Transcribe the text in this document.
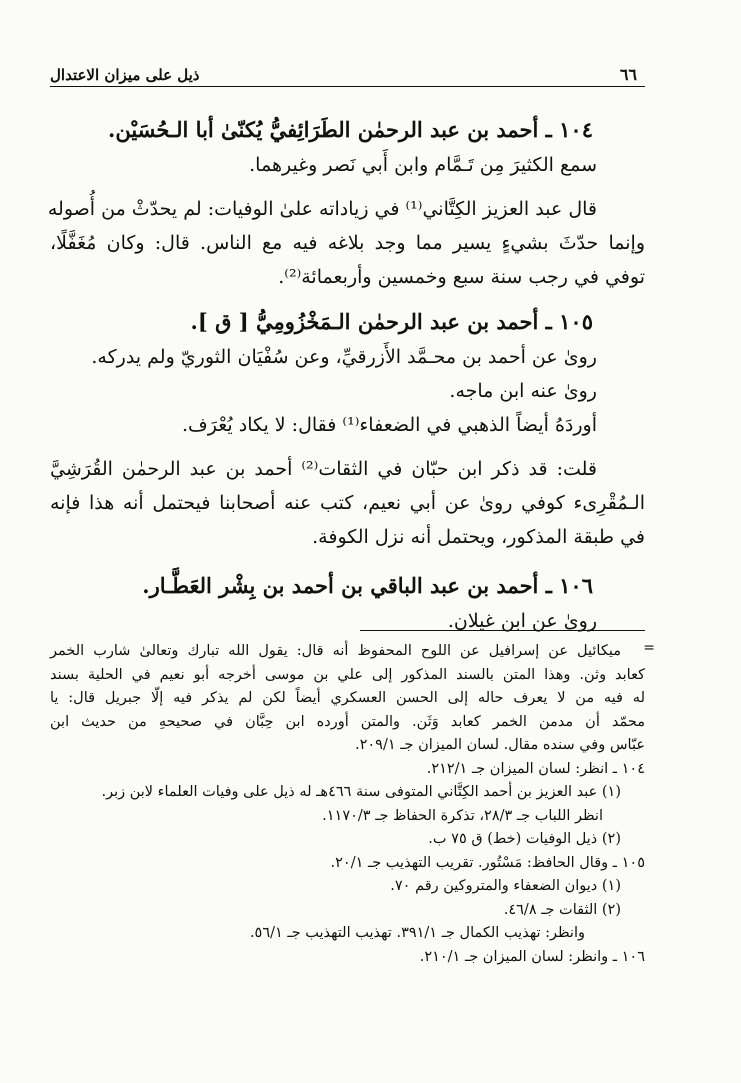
ذيل على ميزان الاعتدال	٦٦
١٠٤ ـ أحمد بن عبد الرحمٰن الطَرَائِفيُّ يُكنّىٰ أبا الـحُسَيْن.
سمع الكثيرَ مِن تَـمَّام وابن أَبي نَصر وغيرهما.
قال عبد العزيز الكِتَّاني⁽¹⁾ في زياداته علىٰ الوفيات: لم يحدّثْ من أُصوله
وإنما حدّثَ بشيءٍ يسير مما وجد بلاغه فيه مع الناس. قال: وكان مُغَفَّلًا،
توفي في رجب سنة سبع وخمسين وأربعمائة⁽²⁾.
١٠٥ ـ أحمد بن عبد الرحمٰن الـمَخْزُومِيُّ [ ق ].
روىٰ عن أحمد بن محـمَّد الأَزرقيِّ، وعن سُفْيَان الثوريّ ولم يدركه.
روىٰ عنه ابن ماجه.
أوردَهُ أيضاً الذهبي في الضعفاء⁽¹⁾ فقال: لا يكاد يُعْرَف.
قلت: قد ذكر ابن حبّان في الثقات⁽²⁾ أحمد بن عبد الرحمٰن القُرَشِيَّ
الـمُقْرِىء كوفي روىٰ عن أبي نعيم، كتب عنه أصحابنا فيحتمل أنه هذا فإنه
في طبقة المذكور، ويحتمل أنه نزل الكوفة.
١٠٦ ـ أحمد بن عبد الباقي بن أحمد بن بِشْر العَطَّـار.
روىٰ عن ابن غيلان.
=
ميكائيل عن إسرافيل عن اللوح المحفوظ أنه قال: يقول الله تبارك وتعالىٰ شارب الخمر
كعابد وثن. وهذا المتن بالسند المذكور إلى علي بن موسى أخرجه أبو نعيم في الحلية بسند
له فيه من لا يعرف حاله إلى الحسن العسكري أيضاً لكن لم يذكر فيه إلّا جبريل قال: يا
محمّد أن مدمن الخمر كعابد وَثَن. والمتن أورده ابن حِبَّان في صحيحهِ من حديث ابن
عبّاس وفي سنده مقال. لسان الميزان جـ ٢٠٩/١.
١٠٤ ـ انظر: لسان الميزان جـ ٢١٢/١.
(١) عبد العزيز بن أحمد الكِتَّاني المتوفى سنة ٤٦٦هـ له ذيل على وفيات العلماء لابن زبر.
انظر اللباب جـ ٢٨/٣، تذكرة الحفاظ جـ ١١٧٠/٣.
(٢) ذيل الوفيات (خط) ق ٧٥ ب.
١٠٥ ـ وقال الحافظ: مَسْتُور. تقريب التهذيب جـ ٢٠/١.
(١) ديوان الضعفاء والمتروكين رقم ٧٠.
(٢) الثقات جـ ٤٦/٨.
وانظر: تهذيب الكمال جـ ٣٩١/١. تهذيب التهذيب جـ ٥٦/١.
١٠٦ ـ وانظر: لسان الميزان جـ ٢١٠/١.
